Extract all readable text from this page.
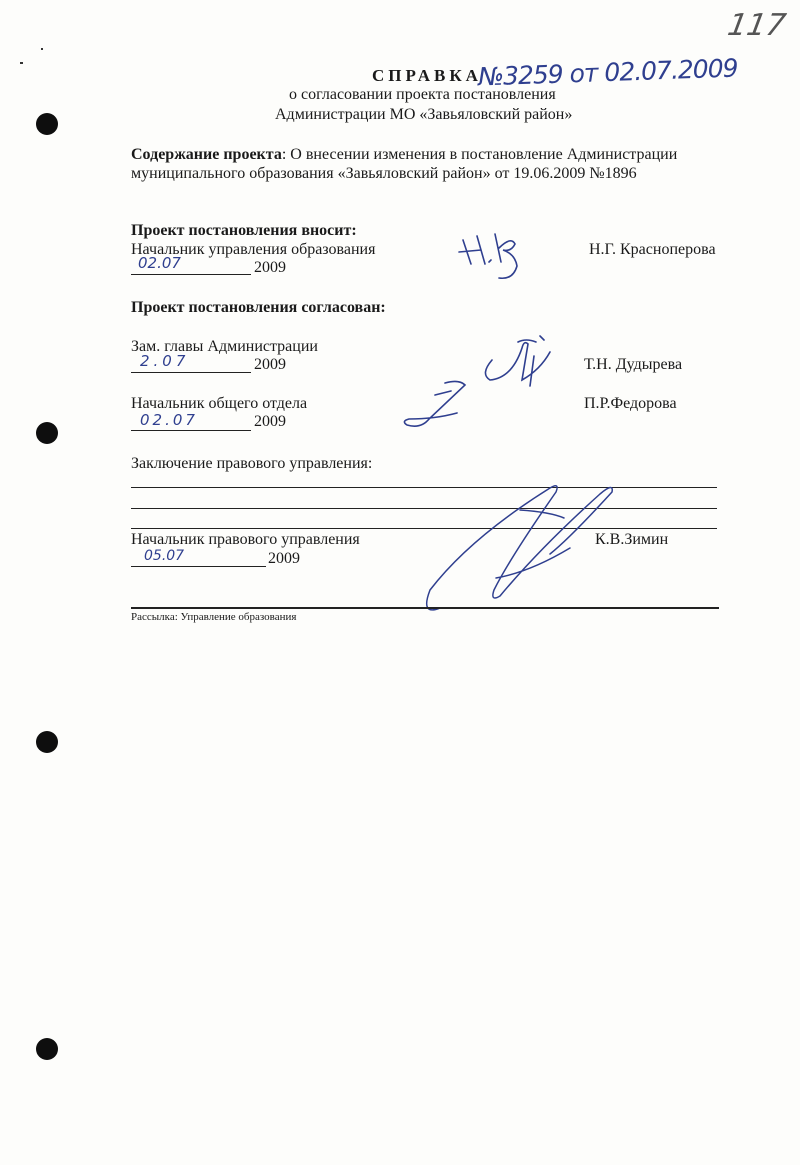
117
СПРАВКА
№3259 от 02.07.2009
о согласовании проекта постановления
Администрации МО «Завьяловский район»
Содержание проекта: О внесении изменения в постановление Администрации
муниципального образования «Завьяловский район» от 19.06.2009 №1896
Проект постановления вносит:
Начальник управления образования
02.07	2009
Н.Г. Красноперова
Проект постановления согласован:
Зам. главы Администрации
2.07	2009	Т.Н. Дудырева
Начальник общего отдела
02.07	2009
П.Р.Федорова
Заключение правового управления:
Начальник правового управления
05.07	2009
К.В.Зимин
Рассылка: Управление образования
